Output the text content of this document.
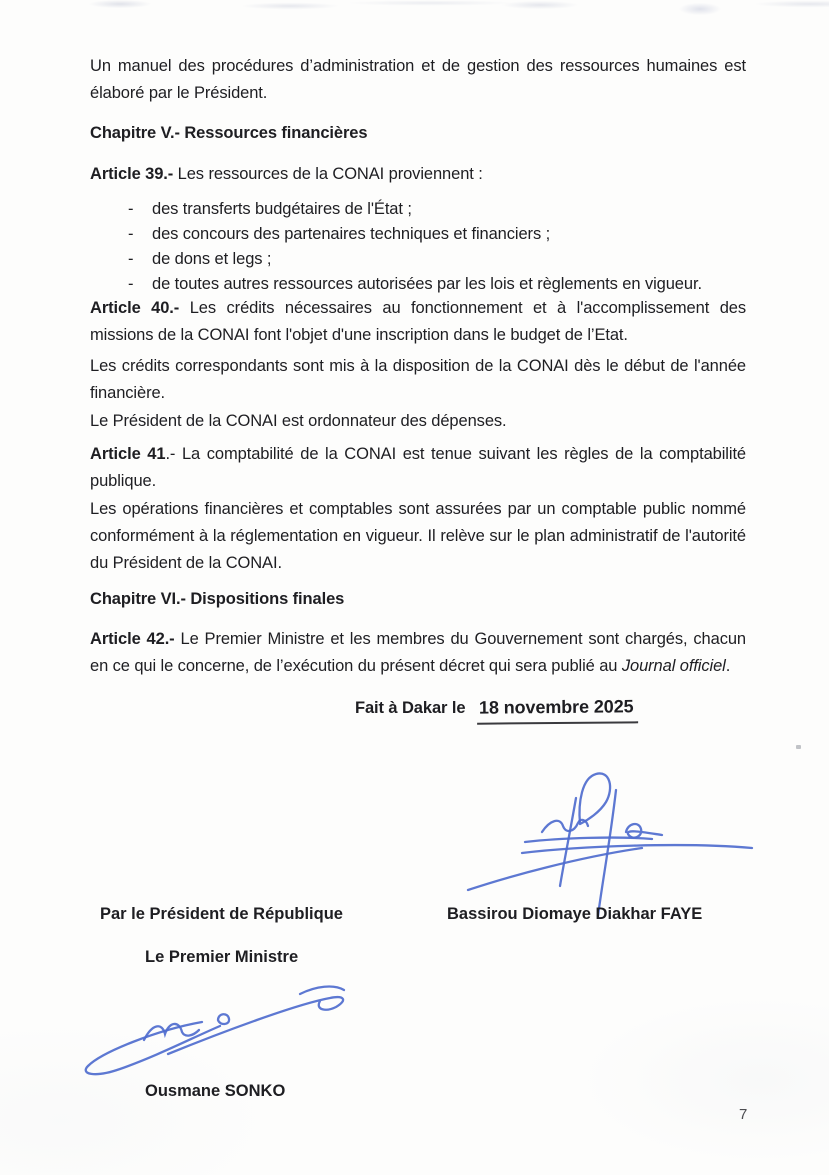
Un manuel des procédures d’administration et de gestion des ressources humaines est élaboré par le Président.

Chapitre V.- Ressources financières

Article 39.- Les ressources de la CONAI proviennent :

- des transferts budgétaires de l'État ;
- des concours des partenaires techniques et financiers ;
- de dons et legs ;
- de toutes autres ressources autorisées par les lois et règlements en vigueur.

Article 40.- Les crédits nécessaires au fonctionnement et à l'accomplissement des missions de la CONAI font l'objet d'une inscription dans le budget de l’Etat.

Les crédits correspondants sont mis à la disposition de la CONAI dès le début de l'année financière.

Le Président de la CONAI est ordonnateur des dépenses.

Article 41.- La comptabilité de la CONAI est tenue suivant les règles de la comptabilité publique.

Les opérations financières et comptables sont assurées par un comptable public nommé conformément à la réglementation en vigueur. Il relève sur le plan administratif de l'autorité du Président de la CONAI.

Chapitre VI.- Dispositions finales

Article 42.- Le Premier Ministre et les membres du Gouvernement sont chargés, chacun en ce qui le concerne, de l’exécution du présent décret qui sera publié au Journal officiel.

Fait à Dakar le 18 novembre 2025

Par le Président de République	Bassirou Diomaye Diakhar FAYE
Le Premier Ministre
Ousmane SONKO
7
